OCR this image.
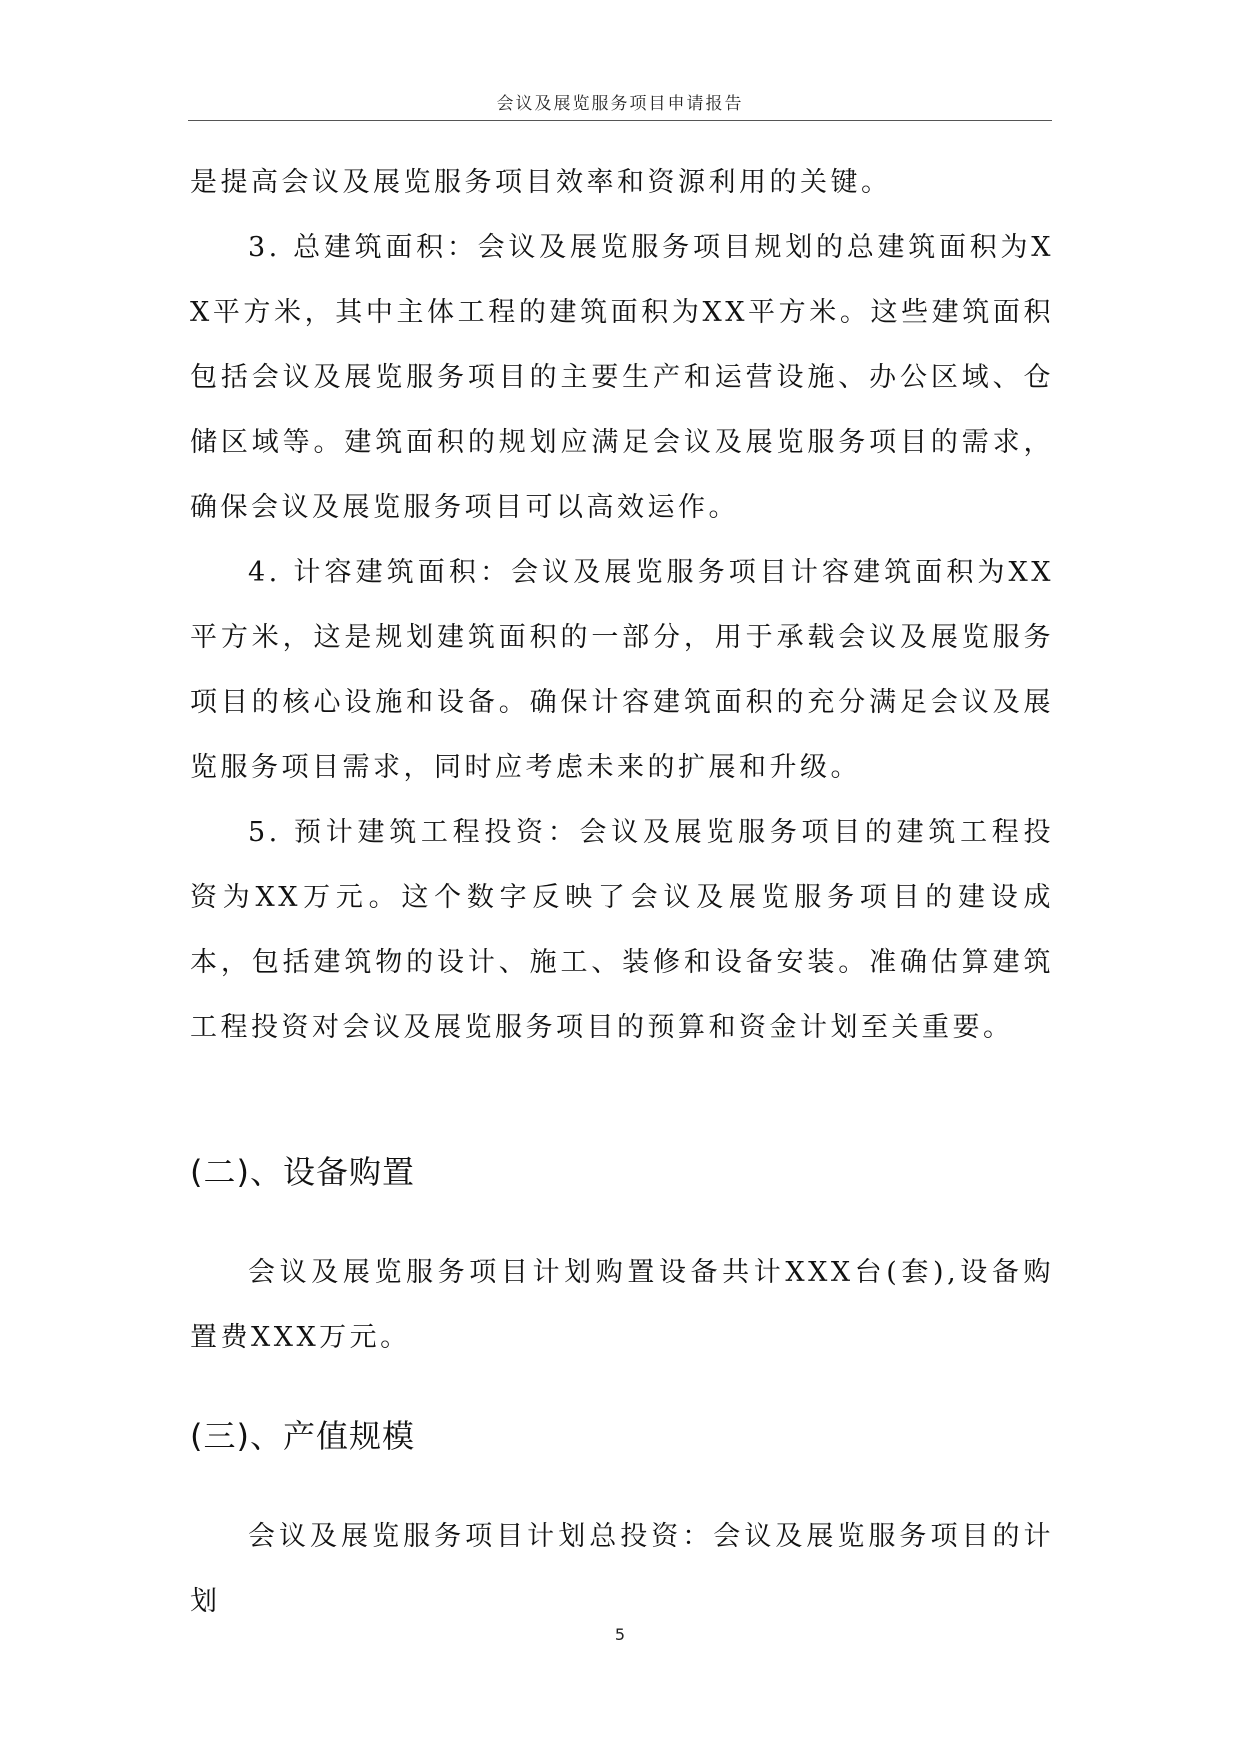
会议及展览服务项目申请报告

是提高会议及展览服务项目效率和资源利用的关键。

3. 总建筑面积：会议及展览服务项目规划的总建筑面积为XX平方米，其中主体工程的建筑面积为XX平方米。这些建筑面积包括会议及展览服务项目的主要生产和运营设施、办公区域、仓储区域等。建筑面积的规划应满足会议及展览服务项目的需求，确保会议及展览服务项目可以高效运作。

4. 计容建筑面积：会议及展览服务项目计容建筑面积为XX平方米，这是规划建筑面积的一部分，用于承载会议及展览服务项目的核心设施和设备。确保计容建筑面积的充分满足会议及展览服务项目需求，同时应考虑未来的扩展和升级。

5. 预计建筑工程投资：会议及展览服务项目的建筑工程投资为XX万元。这个数字反映了会议及展览服务项目的建设成本，包括建筑物的设计、施工、装修和设备安装。准确估算建筑工程投资对会议及展览服务项目的预算和资金计划至关重要。

(二)、设备购置

会议及展览服务项目计划购置设备共计XXX台(套),设备购置费XXX万元。

(三)、产值规模

会议及展览服务项目计划总投资：会议及展览服务项目的计划

5
